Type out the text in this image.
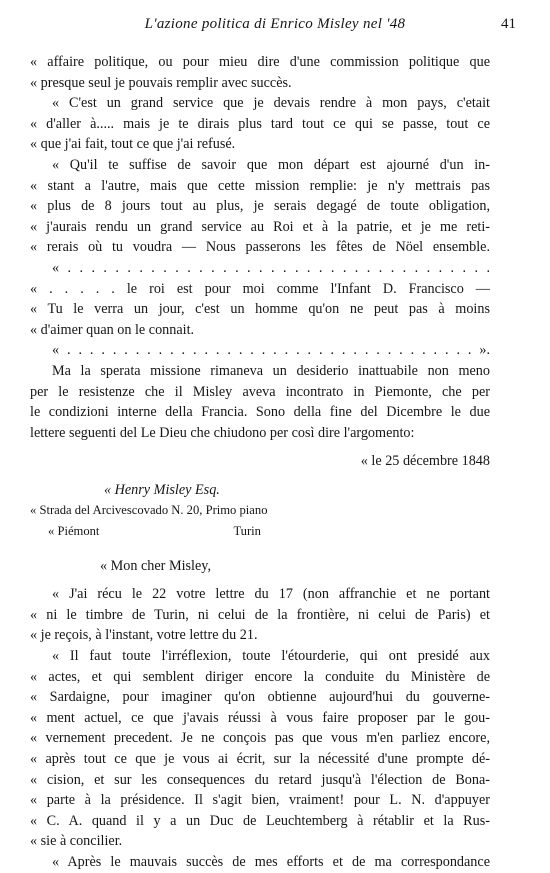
L'azione politica di Enrico Misley nel '48	41
« affaire politique, ou pour mieu dire d'une commission politique que
« presque seul je pouvais remplir avec succès.
« C'est un grand service que je devais rendre à mon pays, c'etait
« d'aller à..... mais je te dirais plus tard tout ce qui se passe, tout ce
« que j'ai fait, tout ce que j'ai refusé.
« Qu'il te suffise de savoir que mon départ est ajourné d'un in-
« stant a l'autre, mais que cette mission remplie: je n'y mettrais pas
« plus de 8 jours tout au plus, je serais degagé de toute obligation,
« j'aurais rendu un grand service au Roi et à la patrie, et je me reti-
« rerais où tu voudra — Nous passerons les fêtes de Nöel ensemble.
« . . . . . . . . . . . . . . . . . . . . . . . . . . . . . . . . . . . .
« . . . . . le roi est pour moi comme l'Infant D. Francisco —
« Tu le verra un jour, c'est un homme qu'on ne peut pas à moins
« d'aimer quan on le connait.
« . . . . . . . . . . . . . . . . . . . . . . . . . . . . . . . . . . . . ».
Ma la sperata missione rimaneva un desiderio inattuabile non meno
per le resistenze che il Misley aveva incontrato in Piemonte, che per
le condizioni interne della Francia. Sono della fine del Dicembre le due
lettere seguenti del Le Dieu che chiudono per così dire l'argomento:
« le 25 décembre 1848
« Henry Misley Esq.
« Strada del Arcivescovado N. 20, Primo piano
« Piémont	Turin
« Mon cher Misley,
« J'ai récu le 22 votre lettre du 17 (non affranchie et ne portant
« ni le timbre de Turin, ni celui de la frontière, ni celui de Paris) et
« je reçois, à l'instant, votre lettre du 21.
« Il faut toute l'irréflexion, toute l'étourderie, qui ont presidé aux
« actes, et qui semblent diriger encore la conduite du Ministère de
« Sardaigne, pour imaginer qu'on obtienne aujourd'hui du gouverne-
« ment actuel, ce que j'avais réussi à vous faire proposer par le gou-
« vernement precedent. Je ne conçois pas que vous m'en parliez encore,
« après tout ce que je vous ai écrit, sur la nécessité d'une prompte dé-
« cision, et sur les consequences du retard jusqu'à l'élection de Bona-
« parte à la présidence. Il s'agit bien, vraiment! pour L. N. d'appuyer
« C. A. quand il y a un Duc de Leuchtemberg à rétablir et la Rus-
« sie à concilier.
« Après le mauvais succès de mes efforts et de ma correspondance
